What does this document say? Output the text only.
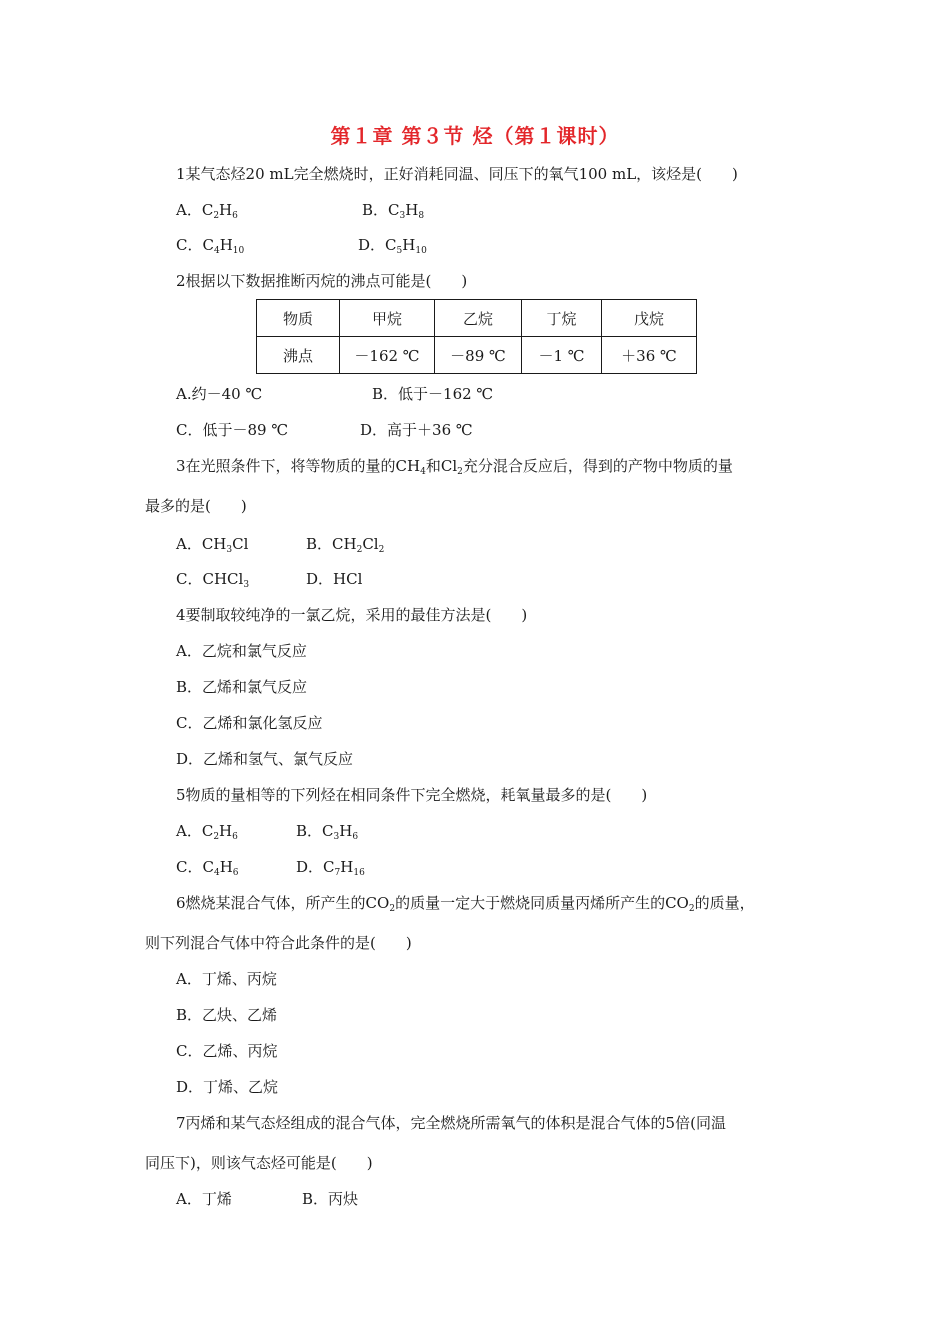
第１章 第３节 烃（第１课时）
1某气态烃20 mL完全燃烧时，正好消耗同温、同压下的氧气100 mL，该烃是(　　)
A．$C_2H_6$	B．$C_3H_8$
C．$C_4H_{10}$	D．$C_5H_{10}$
2根据以下数据推断丙烷的沸点可能是(　　)
物质	甲烷	乙烷	丁烷	戊烷
沸点	－162 ℃	－89 ℃	－1 ℃	＋36 ℃
A.约－40 ℃	B．低于－162 ℃
C．低于－89 ℃	D．高于＋36 ℃
3在光照条件下，将等物质的量的$CH_4$和$Cl_2$充分混合反应后，得到的产物中物质的量
最多的是(　　)
A．$CH_3Cl$	B．$CH_2Cl_2$
C．CHCl$_3$	D．HCl
4要制取较纯净的一氯乙烷，采用的最佳方法是(　　)
A．乙烷和氯气反应
B．乙烯和氯气反应
C．乙烯和氯化氢反应
D．乙烯和氢气、氯气反应
5物质的量相等的下列烃在相同条件下完全燃烧，耗氧量最多的是(　　)
A．$C_2H_6$	B．$C_3H_6$
C．$C_4H_6$	D．$C_7H_{16}$
6燃烧某混合气体，所产生的$CO_2$的质量一定大于燃烧同质量丙烯所产生的$CO_2$的质量，
则下列混合气体中符合此条件的是(　　)
A．丁烯、丙烷
B．乙炔、乙烯
C．乙烯、丙烷
D．丁烯、乙烷
7丙烯和某气态烃组成的混合气体，完全燃烧所需氧气的体积是混合气体的5倍(同温
同压下)，则该气态烃可能是(　　)
A．丁烯	B．丙炔
